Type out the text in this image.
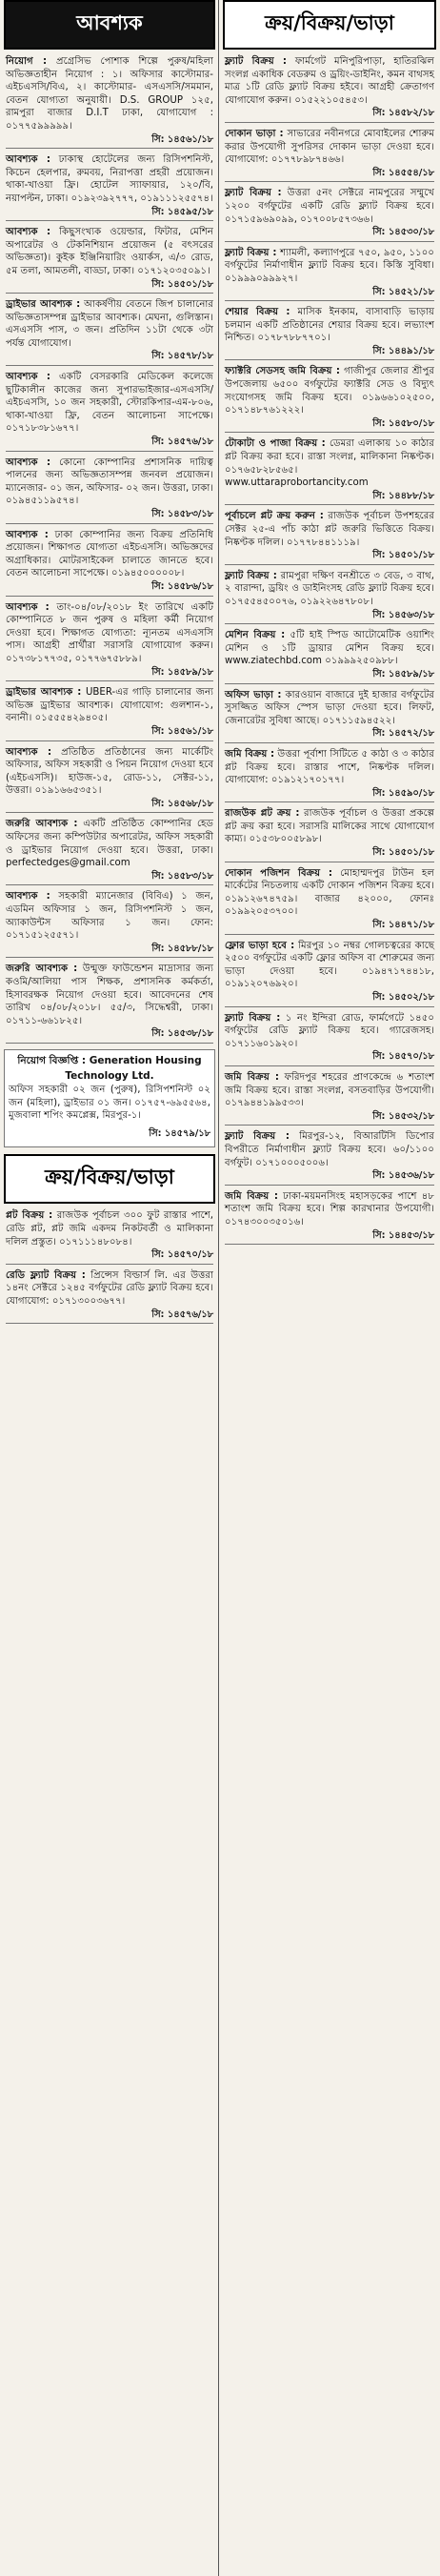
আবশ্যক
নিয়োগ : প্রগ্রেসিভ পোশাক শিল্পে পুরুষ/মহিলা অভিজ্ঞতাহীন নিয়োগ : ১। অফিসার কাস্টোমার- এইচএসসি/বিএ, ২। কাস্টোমার- এসএসসি/সমমান, বেতন যোগ্যতা অনুযায়ী। D.S. GROUP ১২৫, রামপুরা বাজার D.I.T ঢাকা, যোগাযোগ : ০১৭৭৫৯৯৯৯৯।
সি: ১৪৫৬১/১৮
আবশ্যক : ঢাকাস্থ হোটেলের জন্য রিসিপশনিস্ট, কিচেন হেলপার, রুমবয়, নিরাপত্তা প্রহরী প্রয়োজন। থাকা-খাওয়া ফ্রি। হোটেল স্যাফায়ার, ১২০/বি, নয়াপল্টন, ঢাকা। ০১৯২৩৯২৭৭৭, ০১৯১১১২৫৫৭৪।
সি: ১৪৫৯৫/১৮
আবশ্যক : কিছুসংখ্যক ওয়েল্ডার, ফিটার, মেশিন অপারেটর ও টেকনিশিয়ান প্রয়োজন (৫ বৎসরের অভিজ্ঞতা)। কুইক ইঞ্জিনিয়ারিং ওয়ার্কস, এ/৩ রোড, ৫ম তলা, আমতলী, বাড্ডা, ঢাকা। ০১৭১২০৩৫০৯১।
সি: ১৪৫০১/১৮
ড্রাইভার আবশ্যক : আকর্ষণীয় বেতনে জিপ চালানোর অভিজ্ঞতাসম্পন্ন ড্রাইভার আবশ্যক। মেঘনা, গুলিস্তান। এসএসসি পাস, ৩ জন। প্রতিদিন ১১টা থেকে ৩টা পর্যন্ত যোগাযোগ।
সি: ১৪৫৭৮/১৮
আবশ্যক : একটি বেসরকারি মেডিকেল কলেজে ছুটিকালীন কাজের জন্য সুপারভাইজার-এসএসসি/এইচএসসি, ১০ জন সহকারী, স্টোরকিপার-এম-৮০৬, থাকা-খাওয়া ফ্রি, বেতন আলোচনা সাপেক্ষে। ০১৭১৮৩৮১৬৭৭।
সি: ১৪৫৭৬/১৮
আবশ্যক : কোনো কোম্পানির প্রশাসনিক দায়িত্ব পালনের জন্য অভিজ্ঞতাসম্পন্ন জনবল প্রয়োজন। ম্যানেজার- ০১ জন, অফিসার- ০২ জন। উত্তরা, ঢাকা। ০১৯৪৫১১৯৫৭৪।
সি: ১৪৫৮৩/১৮
আবশ্যক : ঢাকা কোম্পানির জন্য বিক্রয় প্রতিনিধি প্রয়োজন। শিক্ষাগত যোগ্যতা এইচএসসি। অভিজ্ঞদের অগ্রাধিকার। মোটরসাইকেল চালাতে জানতে হবে। বেতন আলোচনা সাপেক্ষে। ০১৯৪৫০০০০০৮।
সি: ১৪৫৮৬/১৮
আবশ্যক : তাং-০৪/০৮/২০১৮ ইং তারিখে একটি কোম্পানিতে ৮ জন পুরুষ ও মহিলা কর্মী নিয়োগ দেওয়া হবে। শিক্ষাগত যোগ্যতা: ন্যূনতম এসএসসি পাস। আগ্রহী প্রার্থীরা সরাসরি যোগাযোগ করুন। ০১৭৩৮১৭৭৩৫, ০১৭৭৬৭৫৮৮৯।
সি: ১৪৫৮৯/১৮
ড্রাইভার আবশ্যক : UBER-এর গাড়ি চালানোর জন্য অভিজ্ঞ ড্রাইভার আবশ্যক। যোগাযোগ: গুলশান-১, বনানী। ০১৫৫৫৪২৯৪০৫।
সি: ১৪৫৬১/১৮
আবশ্যক : প্রতিষ্ঠিত প্রতিষ্ঠানের জন্য মার্কেটিং অফিসার, অফিস সহকারী ও পিয়ন নিয়োগ দেওয়া হবে (এইচএসসি)। হাউজ-১৫, রোড-১১, সেক্টর-১১, উত্তরা। ০১৯১৬৬৫৩৫১।
সি: ১৪৫৬৮/১৮
জরুরি আবশ্যক : একটি প্রতিষ্ঠিত কোম্পানির হেড অফিসের জন্য কম্পিউটার অপারেটর, অফিস সহকারী ও ড্রাইভার নিয়োগ দেওয়া হবে। উত্তরা, ঢাকা। perfectedges@gmail.com
সি: ১৪৫৮৩/১৮
আবশ্যক : সহকারী ম্যানেজার (বিবিএ) ১ জন, এডমিন অফিসার ১ জন, রিসিপশনিস্ট ১ জন, অ্যাকাউন্টস অফিসার ১ জন। ফোন: ০১৭১৫১২৫৫৭১।
সি: ১৪৫৮৮/১৮
জরুরি আবশ্যক : উন্মুক্ত ফাউন্ডেশন মাদ্রাসার জন্য কওমি/আলিয়া পাস শিক্ষক, প্রশাসনিক কর্মকর্তা, হিসাবরক্ষক নিয়োগ দেওয়া হবে। আবেদনের শেষ তারিখ ০৪/০৮/২০১৮। ৫৫/৩, সিদ্ধেশ্বরী, ঢাকা। ০১৭১১-৬৬১৮২৫।
সি: ১৪৫৩৮/১৮
নিয়োগ বিজ্ঞপ্তি : Generation Housing Technology Ltd.
অফিস সহকারী ০২ জন (পুরুষ), রিসিপশনিস্ট ০২ জন (মহিলা), ড্রাইভার ০১ জন। ০১৭৫৭-৬৯৫৫৬৪, মুজবালা শপিং কমপ্লেক্স, মিরপুর-১।
সি: ১৪৫৭৯/১৮
ক্রয়/বিক্রয়/ভাড়া
প্লট বিক্রয় : রাজউক পূর্বাচল ৩০০ ফুট রাস্তার পাশে, রেডি প্লট, প্লট জমি একদম নিকটবর্তী ও মালিকানা দলিল প্রস্তুত। ০১৭১১১৪৮০৮৪।
সি: ১৪৫৭০/১৮
রেডি ফ্ল্যাট বিক্রয় : প্রিন্সেস বিল্ডার্স লি. এর উত্তরা ১৪নং সেক্টরে ১২৪৫ বর্গফুটের রেডি ফ্ল্যাট বিক্রয় হবে। যোগাযোগ: ০১৭১৩০০৩৬৭৭।
সি: ১৪৫৭৬/১৮
ক্রয়/বিক্রয়/ভাড়া
ফ্ল্যাট বিক্রয় : ফার্মগেট মনিপুরিপাড়া, হাতিরঝিল সংলগ্ন একাধিক বেডরুম ও ড্রয়িং-ডাইনিং, কমন বাথসহ মাত্র ১টি রেডি ফ্ল্যাট বিক্রয় হইবে। আগ্রহী ক্রেতাগণ যোগাযোগ করুন। ০১৫২২১০৫৪৫৩।
সি: ১৪৫৮২/১৮
দোকান ভাড়া : সাভারের নবীনগরে মোবাইলের শোরুম করার উপযোগী সুপরিসর দোকান ভাড়া দেওয়া হবে। যোগাযোগ: ০১৭৭৮৯৮৭৪৬৬।
সি: ১৪৫৫৪/১৮
ফ্ল্যাট বিক্রয় : উত্তরা ৫নং সেক্টরে নামপুরের সম্মুখে ১২০০ বর্গফুটের একটি রেডি ফ্ল্যাট বিক্রয় হবে। ০১৭১৫৯৬৯০৯৯, ০১৭০০৮৫৭৩৬৬।
সি: ১৪৫৩০/১৮
ফ্ল্যাট বিক্রয় : শ্যামলী, কল্যাণপুরে ৭৫০, ৯৫০, ১১০০ বর্গফুটের নির্মাণাধীন ফ্ল্যাট বিক্রয় হবে। কিস্তি সুবিধা। ০১৯৯৯০৯৯৯২৭।
সি: ১৪৫২১/১৮
শেয়ার বিক্রয় : মাসিক ইনকাম, বাসাবাড়ি ভাড়ায় চলমান একটি প্রতিষ্ঠানের শেয়ার বিক্রয় হবে। লভ্যাংশ নিশ্চিত। ০১৭৮৭৮৮৭৭০১।
সি: ১৪৪৯১/১৮
ফ্যাক্টরি সেডসহ জমি বিক্রয় : গাজীপুর জেলার শ্রীপুর উপজেলায় ৬৫০০ বর্গফুটের ফ্যাক্টরি সেড ও বিদ্যুৎ সংযোগসহ জমি বিক্রয় হবে। ০১৯৬৬১০২৫০০, ০১৭১৪৮৭৬১২২২।
সি: ১৪৫৮০/১৮
টোকাটা ও পাজা বিক্রয় : ডেমরা এলাকায় ১০ কাঠার প্লট বিক্রয় করা হবে। রাস্তা সংলগ্ন, মালিকানা নিষ্কণ্টক। ০১৭৬৫৮২৮৫৬৫। www.uttaraprobortancity.com
সি: ১৪৪৮৮/১৮
পূর্বাচলে প্লট ক্রয় করুন : রাজউক পূর্বাচল উপশহরের সেক্টর ২৫-এ পাঁচ কাঠা প্লট জরুরি ভিত্তিতে বিক্রয়। নিষ্কণ্টক দলিল। ০১৭৭৮৪৪১১১৯।
সি: ১৪৫০১/১৮
ফ্ল্যাট বিক্রয় : রামপুরা দক্ষিণ বনশ্রীতে ৩ বেড, ৩ বাথ, ২ বারান্দা, ড্রয়িং ও ডাইনিংসহ রেডি ফ্ল্যাট বিক্রয় হবে। ০১৭৫৫৪৫০০৭৬, ০১৯২২৬৪৭৮০৮।
সি: ১৪৫৬৩/১৮
মেশিন বিক্রয় : ৫টি হাই স্পিড আটোমেটিক ওয়াশিং মেশিন ও ১টি ড্রায়ার মেশিন বিক্রয় হবে। www.ziatechbd.com ০১৯৯৯২৫০৯৮৮।
সি: ১৪৫৮৯/১৮
অফিস ভাড়া : কারওয়ান বাজারে দুই হাজার বর্গফুটের সুসজ্জিত অফিস স্পেস ভাড়া দেওয়া হবে। লিফট, জেনারেটর সুবিধা আছে। ০১৭১১৫৯৪৫২২।
সি: ১৪৫৭২/১৮
জমি বিক্রয় : উত্তরা পূর্বাশা সিটিতে ৫ কাঠা ও ৩ কাঠার প্লট বিক্রয় হবে। রাস্তার পাশে, নিষ্কণ্টক দলিল। যোগাযোগ: ০১৯১২১৭০১৭৭।
সি: ১৪৫৯০/১৮
রাজউক প্লট ক্রয় : রাজউক পূর্বাচল ও উত্তরা প্রকল্পে প্লট ক্রয় করা হবে। সরাসরি মালিকের সাথে যোগাযোগ কাম্য। ০১৫৩৮০০৫৮৯৮।
সি: ১৪৫০১/১৮
দোকান পজিশন বিক্রয় : মোহাম্মদপুর টাউন হল মার্কেটের নিচতলায় একটি দোকান পজিশন বিক্রয় হবে। ০১৯১২৬৭৪৭৫৯। বাজার ৪২০০০, ফোনঃ ০১৯৯২০৫৩৭০০।
সি: ১৪৪৭১/১৮
ফ্লোর ভাড়া হবে : মিরপুর ১০ নম্বর গোলচত্বরের কাছে ২৫০০ বর্গফুটের একটি ফ্লোর অফিস বা শোরুমের জন্য ভাড়া দেওয়া হবে। ০১৯৪৭১৭৪৪১৮, ০১৯১২০৭৬৯২০।
সি: ১৪৫০২/১৮
ফ্ল্যাট বিক্রয় : ১ নং ইন্দিরা রোড, ফার্মগেটে ১৪৫০ বর্গফুটের রেডি ফ্ল্যাট বিক্রয় হবে। গ্যারেজসহ। ০১৭১১৬০১৯২০।
সি: ১৪৫৭০/১৮
জমি বিক্রয় : ফরিদপুর শহরের প্রাণকেন্দ্রে ৬ শতাংশ জমি বিক্রয় হবে। রাস্তা সংলগ্ন, বসতবাড়ির উপযোগী। ০১৭৯৪৪১৯৯৫৩৩।
সি: ১৪৫৩২/১৮
ফ্ল্যাট বিক্রয় : মিরপুর-১২, বিআরটিসি ডিপোর বিপরীতে নির্মাণাধীন ফ্ল্যাট বিক্রয় হবে। ৬০/১১০০ বর্গফুট। ০১৭১০০০৫০০৬।
সি: ১৪৫৩৬/১৮
জমি বিক্রয় : ঢাকা-ময়মনসিংহ মহাসড়কের পাশে ৪৮ শতাংশ জমি বিক্রয় হবে। শিল্প কারখানার উপযোগী। ০১৭৪৩০০৩৫০১৬।
সি: ১৪৪৫৩/১৮
